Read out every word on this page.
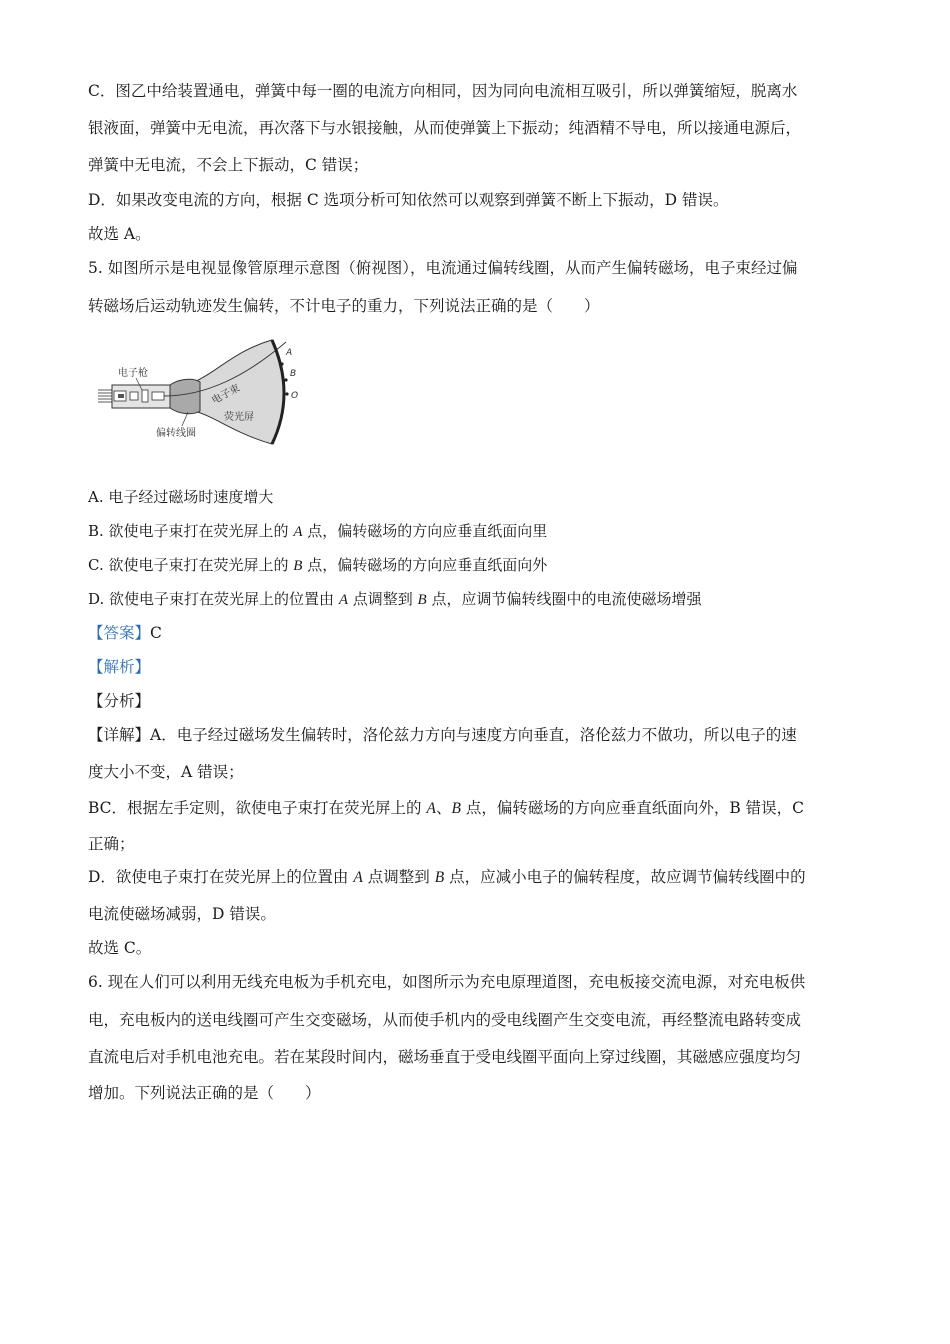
C．图乙中给装置通电，弹簧中每一圈的电流方向相同，因为同向电流相互吸引，所以弹簧缩短，脱离水
银液面，弹簧中无电流，再次落下与水银接触，从而使弹簧上下振动；纯酒精不导电，所以接通电源后，
弹簧中无电流，不会上下振动，C 错误；
D．如果改变电流的方向，根据 C 选项分析可知依然可以观察到弹簧不断上下振动，D 错误。
故选 A。
5. 如图所示是电视显像管原理示意图（俯视图），电流通过偏转线圈，从而产生偏转磁场，电子束经过偏
转磁场后运动轨迹发生偏转，不计电子的重力，下列说法正确的是（　　）
电子枪
电子束
荧光屏
偏转线圈
A
B
O
A. 电子经过磁场时速度增大
B. 欲使电子束打在荧光屏上的 A 点，偏转磁场的方向应垂直纸面向里
C. 欲使电子束打在荧光屏上的 B 点，偏转磁场的方向应垂直纸面向外
D. 欲使电子束打在荧光屏上的位置由 A 点调整到 B 点，应调节偏转线圈中的电流使磁场增强
【答案】C
【解析】
【分析】
【详解】A．电子经过磁场发生偏转时，洛伦兹力方向与速度方向垂直，洛伦兹力不做功，所以电子的速
度大小不变，A 错误；
BC．根据左手定则，欲使电子束打在荧光屏上的 A、B 点，偏转磁场的方向应垂直纸面向外，B 错误，C
正确；
D．欲使电子束打在荧光屏上的位置由 A 点调整到 B 点，应减小电子的偏转程度，故应调节偏转线圈中的
电流使磁场减弱，D 错误。
故选 C。
6. 现在人们可以利用无线充电板为手机充电，如图所示为充电原理道图，充电板接交流电源，对充电板供
电，充电板内的送电线圈可产生交变磁场，从而使手机内的受电线圈产生交变电流，再经整流电路转变成
直流电后对手机电池充电。若在某段时间内，磁场垂直于受电线圈平面向上穿过线圈，其磁感应强度均匀
增加。下列说法正确的是（　　）
